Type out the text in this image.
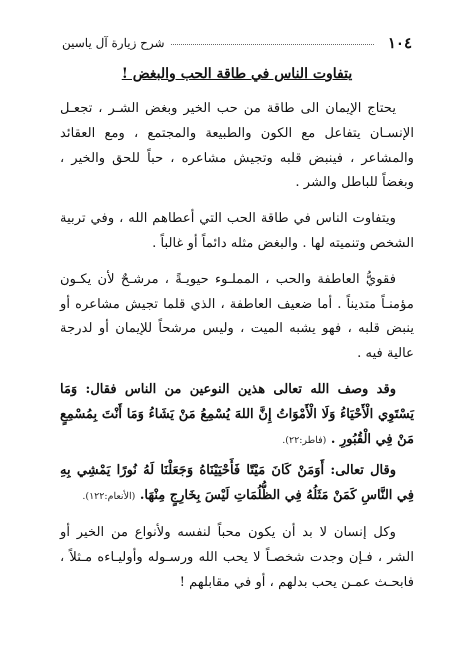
١٠٤
شرح زيارة آل ياسين
يتفاوت الناس في طاقة الحب والبغض !

يحتاج الإيمان الى طاقة من حب الخير وبغض الشـر ، تجعـل الإنسـان يتفاعل مع الكون والطبيعة والمجتمع ، ومع العقائد والمشاعر ، فينبض قلبه وتجيش مشاعره ، حباً للحق والخير ، وبغضاً للباطل والشر .

ويتفاوت الناس في طاقة الحب التي أعطاهم الله ، وفي تربية الشخص وتنميته لها . والبغض مثله دائماً أو غالباً .

فقويُّ العاطفة والحب ، المملـوء حيويـةً ، مرشـحٌ لأن يكـون مؤمنـاً متديناً . أما ضعيف العاطفة ، الذي قلما تجيش مشاعره أو ينبض قلبه ، فهو يشبه الميت ، وليس مرشحاً للإيمان أو لدرجة عالية فيه .

وقد وصف الله تعالى هذين النوعين من الناس فقال: وَمَا يَسْتَوِي الْأَحْيَاءُ وَلَا الْأَمْوَاتُ إِنَّ اللهَ يُسْمِعُ مَنْ يَشَاءُ وَمَا أَنْتَ بِمُسْمِعٍ مَنْ فِي الْقُبُورِ . (فاطر:٢٢).

وقال تعالى: أَوَمَنْ كَانَ مَيْتًا فَأَحْيَيْنَاهُ وَجَعَلْنَا لَهُ نُورًا يَمْشِي بِهِ فِي النَّاسِ كَمَنْ مَثَلُهُ فِي الظُّلُمَاتِ لَيْسَ بِخَارِجٍ مِنْهَا. (الأنعام:١٢٢).

وكل إنسان لا بد أن يكون محباً لنفسه ولأنواع من الخير أو الشر ، فـإن وجدت شخصـاً لا يحب الله ورسـوله وأوليـاءه مـثلاً ، فابحـث عمـن يحب بدلهم ، أو في مقابلهم !
